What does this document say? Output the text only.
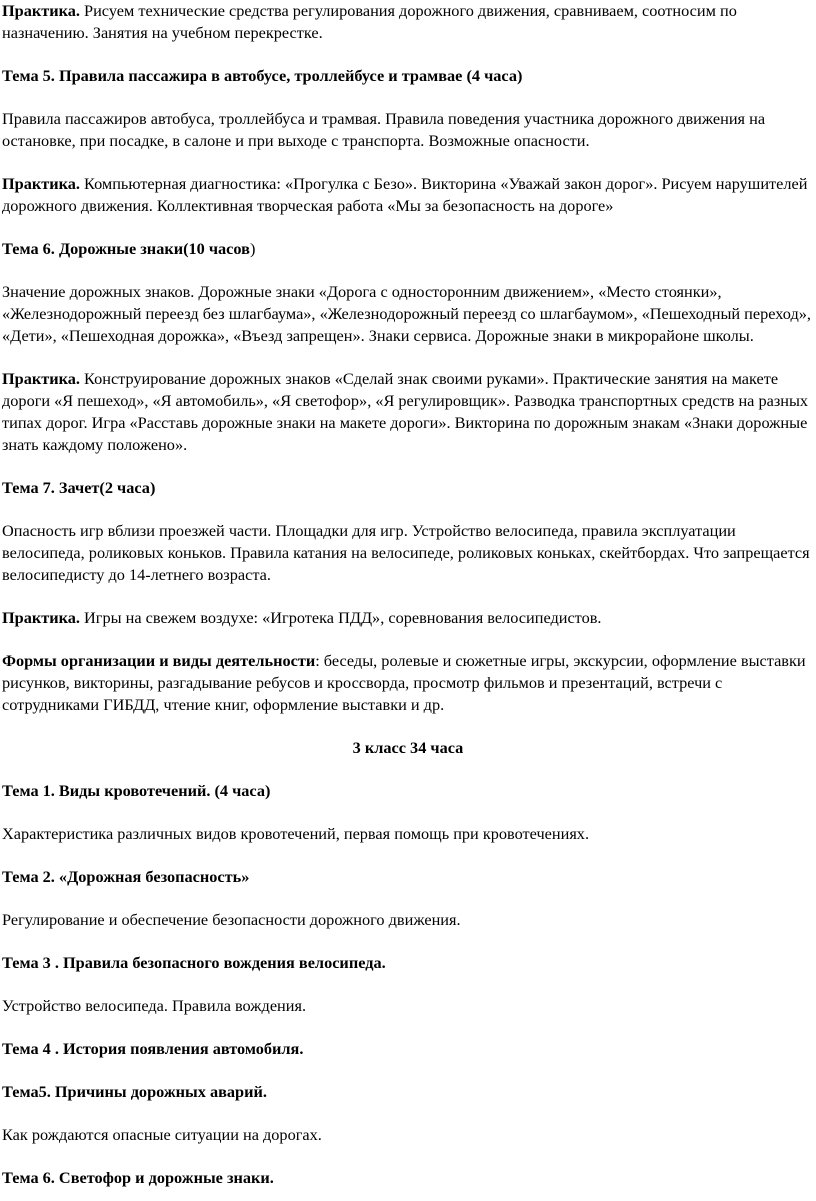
Практика. Рисуем технические средства регулирования дорожного движения, сравниваем, соотносим по назначению. Занятия на учебном перекрестке.

Тема 5. Правила пассажира в автобусе, троллейбусе и трамвае (4 часа)

Правила пассажиров автобуса, троллейбуса и трамвая. Правила поведения участника дорожного движения на остановке, при посадке, в салоне и при выходе с транспорта. Возможные опасности.

Практика. Компьютерная диагностика: «Прогулка с Безо». Викторина «Уважай закон дорог». Рисуем нарушителей дорожного движения. Коллективная творческая работа «Мы за безопасность на дороге»

Тема 6. Дорожные знаки(10 часов)

Значение дорожных знаков. Дорожные знаки «Дорога с односторонним движением», «Место стоянки», «Железнодорожный переезд без шлагбаума», «Железнодорожный переезд со шлагбаумом», «Пешеходный переход», «Дети», «Пешеходная дорожка», «Въезд запрещен». Знаки сервиса. Дорожные знаки в микрорайоне школы.

Практика. Конструирование дорожных знаков «Сделай знак своими руками». Практические занятия на макете дороги «Я пешеход», «Я автомобиль», «Я светофор», «Я регулировщик». Разводка транспортных средств на разных типах дорог. Игра «Расставь дорожные знаки на макете дороги». Викторина по дорожным знакам «Знаки дорожные знать каждому положено».

Тема 7. Зачет(2 часа)

Опасность игр вблизи проезжей части. Площадки для игр. Устройство велосипеда, правила эксплуатации велосипеда, роликовых коньков. Правила катания на велосипеде, роликовых коньках, скейтбордах. Что запрещается велосипедисту до 14-летнего возраста.

Практика. Игры на свежем воздухе: «Игротека ПДД», соревнования велосипедистов.

Формы организации и виды деятельности: беседы, ролевые и сюжетные игры, экскурсии, оформление выставки рисунков, викторины, разгадывание ребусов и кроссворда, просмотр фильмов и презентаций, встречи с сотрудниками ГИБДД, чтение книг, оформление выставки и др.

3 класс 34 часа

Тема 1. Виды кровотечений. (4 часа)

Характеристика различных видов кровотечений, первая помощь при кровотечениях.

Тема 2. «Дорожная безопасность»

Регулирование и обеспечение безопасности дорожного движения.

Тема 3 . Правила безопасного вождения велосипеда.

Устройство велосипеда. Правила вождения.

Тема 4 . История появления автомобиля.

Тема5. Причины дорожных аварий.

Как рождаются опасные ситуации на дорогах.

Тема 6. Светофор и дорожные знаки.
